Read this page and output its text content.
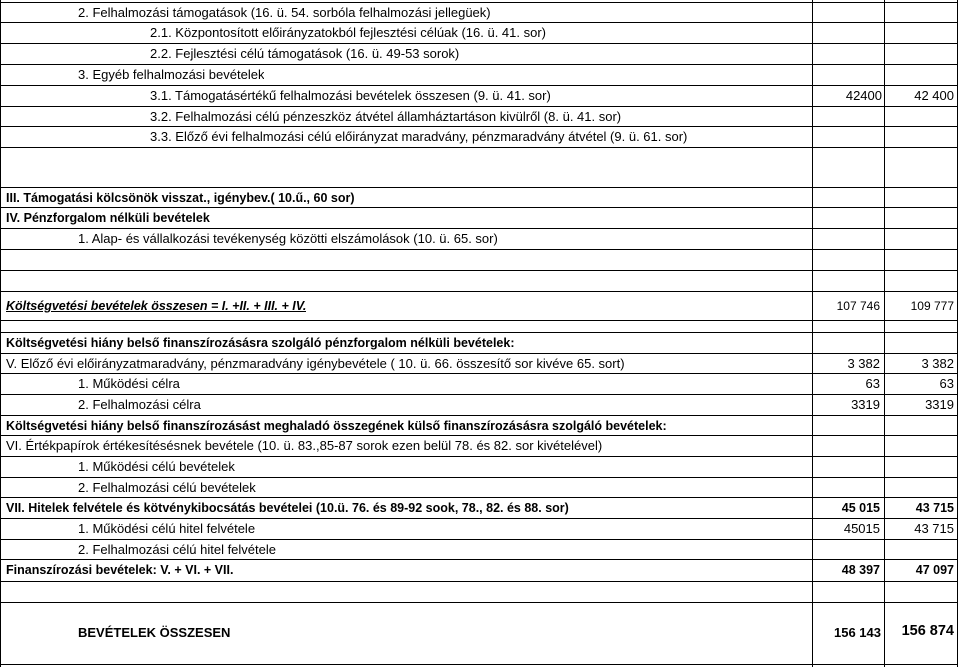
2. Felhalmozási támogatások (16. ü. 54. sorbóla felhalmozási jellegüek)
2.1. Központosított előirányzatokból fejlesztési célúak (16. ü. 41. sor)
2.2. Fejlesztési célú támogatások (16. ü. 49-53 sorok)
3. Egyéb felhalmozási bevételek
3.1. Támogatásértékű felhalmozási bevételek összesen (9. ü. 41. sor)	42400	42 400
3.2. Felhalmozási célú pénzeszköz átvétel államháztartáson kivülről (8. ü. 41. sor)
3.3. Előző évi felhalmozási célú előirányzat maradvány, pénzmaradvány átvétel (9. ü. 61. sor)
III. Támogatási kölcsönök visszat., igénybev.( 10.ű., 60 sor)
IV. Pénzforgalom nélküli bevételek
1. Alap- és vállalkozási tevékenység közötti elszámolások (10. ü. 65. sor)
Költségvetési bevételek összesen = I. +II. + III. + IV.	107 746	109 777
Költségvetési hiány belső finanszírozásásra szolgáló pénzforgalom nélküli bevételek:
V. Előző évi előirányzatmaradvány, pénzmaradvány igénybevétele ( 10. ü. 66. összesítő sor kivéve 65. sort)	3 382	3 382
1. Működési célra	63	63
2. Felhalmozási célra	3319	3319
Költségvetési hiány belső finanszírozásást meghaladó összegének külső finanszírozásásra szolgáló bevételek:
VI. Értékpapírok értékesítésésnek bevétele (10. ü. 83.,85-87 sorok ezen belül 78. és 82. sor kivételével)
1. Működési célú bevételek
2. Felhalmozási célú bevételek
VII. Hitelek felvétele és kötvénykibocsátás bevételei (10.ü. 76. és 89-92 sook, 78., 82. és 88. sor)	45 015	43 715
1. Működési célú hitel felvétele	45015	43 715
2. Felhalmozási célú hitel felvétele
Finanszírozási bevételek: V. + VI. + VII.	48 397	47 097
BEVÉTELEK ÖSSZESEN	156 143	156 874
